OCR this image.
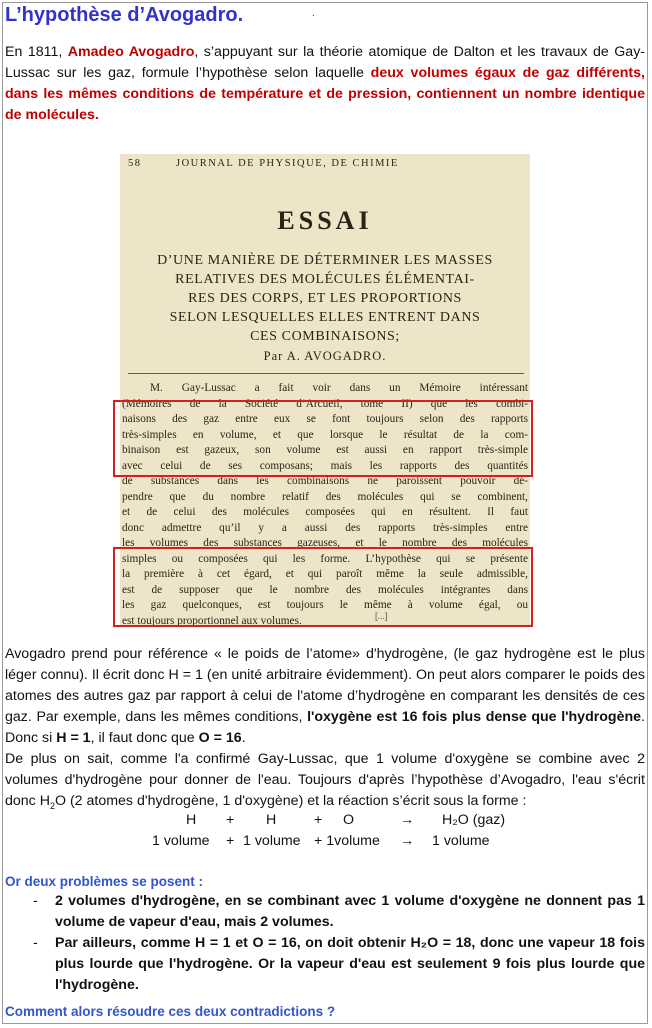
L’hypothèse d’Avogadro.	.
En 1811, Amadeo Avogadro, s’appuyant sur la théorie atomique de Dalton et les travaux de Gay-Lussac sur les gaz, formule l’hypothèse selon laquelle deux volumes égaux de gaz différents, dans les mêmes conditions de température et de pression, contiennent un nombre identique de molécules.
58	JOURNAL DE PHYSIQUE, DE CHIMIE
ESSAI
D’UNE MANIÈRE DE DÉTERMINER LES MASSES
RELATIVES DES MOLÉCULES ÉLÉMENTAI-
RES DES CORPS, ET LES PROPORTIONS
SELON LESQUELLES ELLES ENTRENT DANS
CES COMBINAISONS;
Par A. AVOGADRO.
M. Gay-Lussac a fait voir dans un Mémoire intéressant
(Mémoires de la Société d’Arcueil, tome II) que les combi-
naisons des gaz entre eux se font toujours selon des rapports
très-simples en volume, et que lorsque le résultat de la com-
binaison est gazeux, son volume est aussi en rapport très-simple
avec celui de ses composans; mais les rapports des quantités
de substances dans les combinaisons ne paroissent pouvoir dé-
pendre que du nombre relatif des molécules qui se combinent,
et de celui des molécules composées qui en résultent. Il faut
donc admettre qu’il y a aussi des rapports très-simples entre
les volumes des substances gazeuses, et le nombre des molécules
simples ou composées qui les forme. L’hypothèse qui se présente
la première à cet égard, et qui paroît même la seule admissible,
est de supposer que le nombre des molécules intégrantes dans
les gaz quelconques, est toujours le même à volume égal, ou
est toujours proportionnel aux volumes.	[...]
Avogadro prend pour référence « le poids de l’atome» d'hydrogène, (le gaz hydrogène est le plus léger connu). Il écrit donc H = 1 (en unité arbitraire évidemment). On peut alors comparer le poids des atomes des autres gaz par rapport à celui de l'atome d’hydrogène en comparant les densités de ces gaz. Par exemple, dans les mêmes conditions, l'oxygène est 16 fois plus dense que l'hydrogène. Donc si H = 1, il faut donc que O = 16.
De plus on sait, comme l'a confirmé Gay-Lussac, que 1 volume d'oxygène se combine avec 2 volumes d'hydrogène pour donner de l'eau. Toujours d'après l’hypothèse d’Avogadro, l'eau s'écrit donc $H_2O$ (2 atomes d'hydrogène, 1 d'oxygène) et la réaction s’écrit sous la forme :
H + H	+ O	→ H₂O (gaz)
1 volume + 1 volume + 1volume → 1 volume
Or deux problèmes se posent :
- 2 volumes d'hydrogène, en se combinant avec 1 volume d'oxygène ne donnent pas 1 volume de vapeur d'eau, mais 2 volumes.
- Par ailleurs, comme H = 1 et O = 16, on doit obtenir H₂O = 18, donc une vapeur 18 fois plus lourde que l'hydrogène. Or la vapeur d'eau est seulement 9 fois plus lourde que l'hydrogène.
Comment alors résoudre ces deux contradictions ?
